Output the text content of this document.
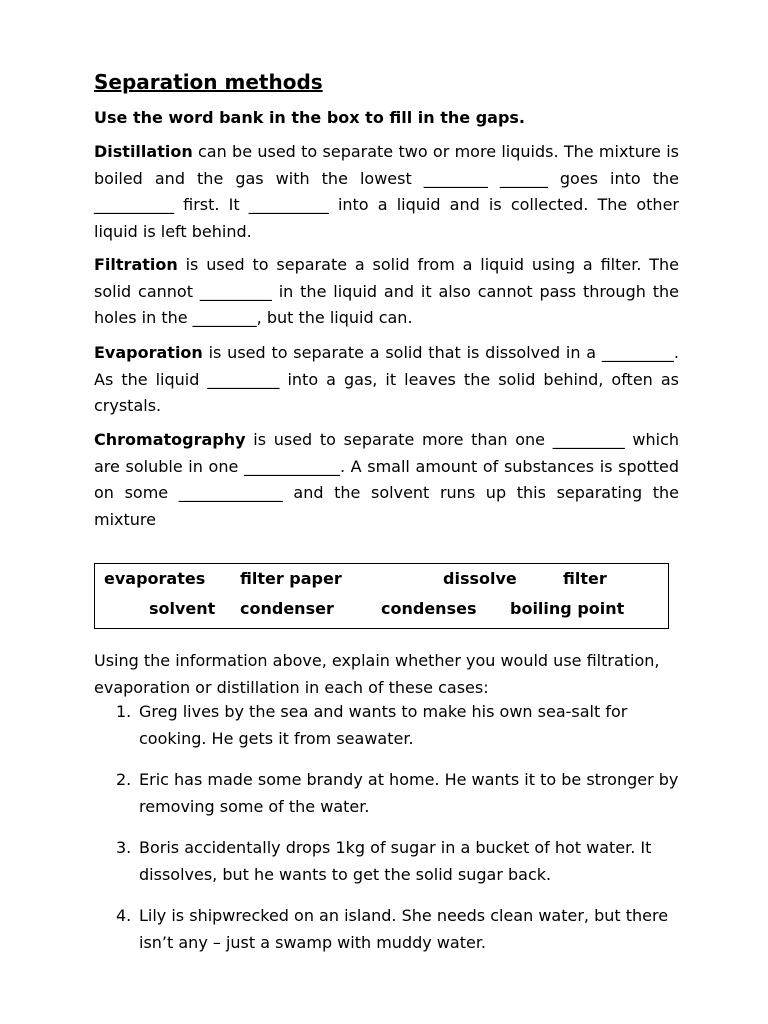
Separation methods

Use the word bank in the box to fill in the gaps.

Distillation can be used to separate two or more liquids. The mixture is boiled and the gas with the lowest ________ ______ goes into the __________ first. It __________ into a liquid and is collected. The other liquid is left behind.

Filtration is used to separate a solid from a liquid using a filter. The solid cannot _________ in the liquid and it also cannot pass through the holes in the ________, but the liquid can.

Evaporation is used to separate a solid that is dissolved in a _________. As the liquid _________ into a gas, it leaves the solid behind, often as crystals.

Chromatography is used to separate more than one _________ which are soluble in one ____________. A small amount of substances is spotted on some _____________ and the solvent runs up this separating the mixture

evaporates filter paper	dissolve	filter
solvent condenser	condenses boiling point

Using the information above, explain whether you would use filtration, evaporation or distillation in each of these cases:

1. Greg lives by the sea and wants to make his own sea-salt for cooking. He gets it from seawater.

2. Eric has made some brandy at home. He wants it to be stronger by removing some of the water.

3. Boris accidentally drops 1kg of sugar in a bucket of hot water. It dissolves, but he wants to get the solid sugar back.

4. Lily is shipwrecked on an island. She needs clean water, but there isn’t any – just a swamp with muddy water.
